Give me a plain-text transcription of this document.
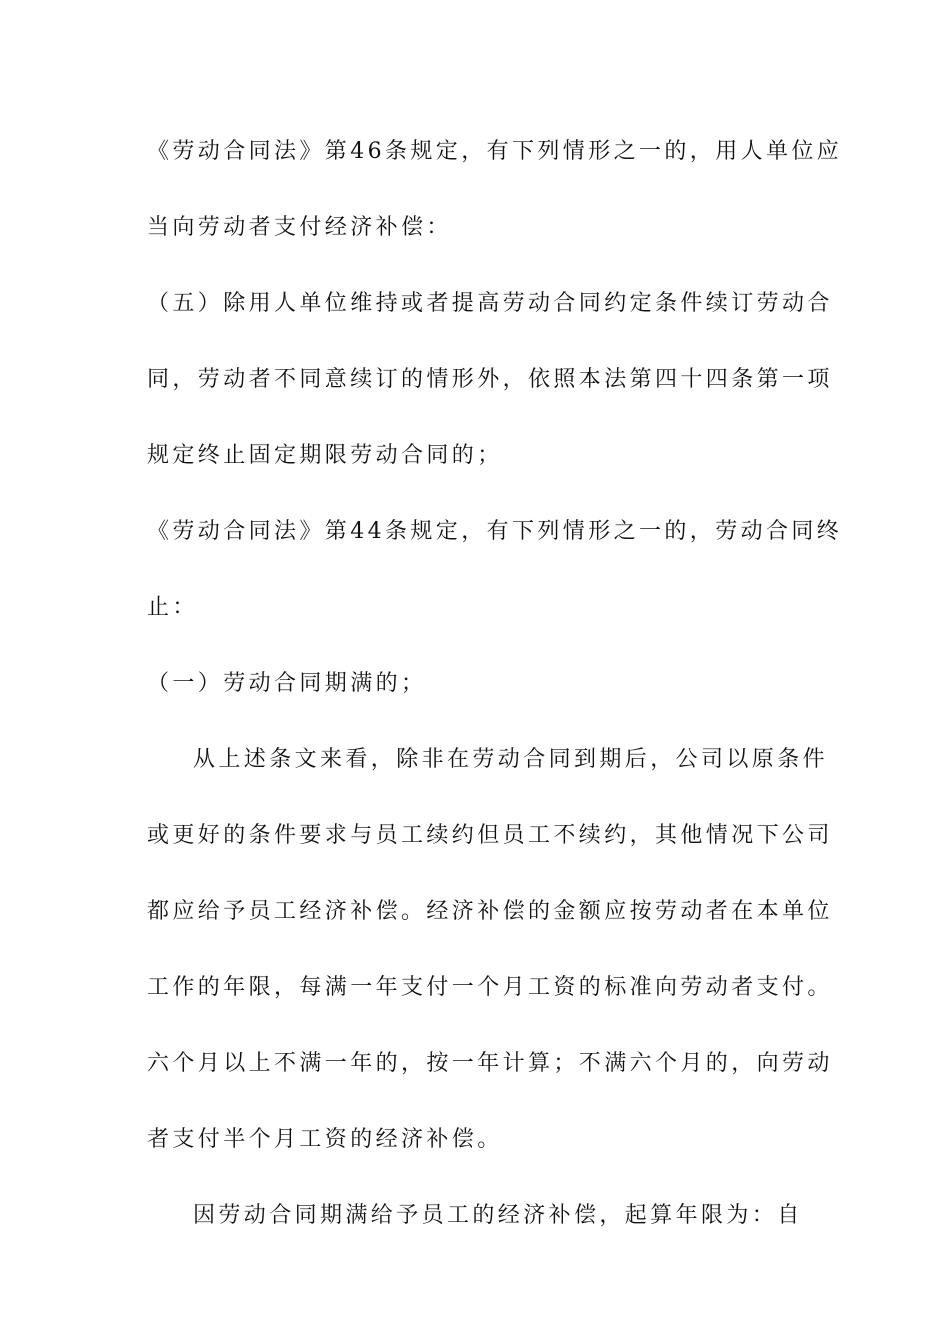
《劳动合同法》第46条规定，有下列情形之一的，用人单位应
当向劳动者支付经济补偿：
（五）除用人单位维持或者提高劳动合同约定条件续订劳动合
同，劳动者不同意续订的情形外，依照本法第四十四条第一项
规定终止固定期限劳动合同的；
《劳动合同法》第44条规定，有下列情形之一的，劳动合同终
止：
（一）劳动合同期满的；
从上述条文来看，除非在劳动合同到期后，公司以原条件
或更好的条件要求与员工续约但员工不续约，其他情况下公司
都应给予员工经济补偿。经济补偿的金额应按劳动者在本单位
工作的年限，每满一年支付一个月工资的标准向劳动者支付。
六个月以上不满一年的，按一年计算；不满六个月的，向劳动
者支付半个月工资的经济补偿。
因劳动合同期满给予员工的经济补偿，起算年限为：自
